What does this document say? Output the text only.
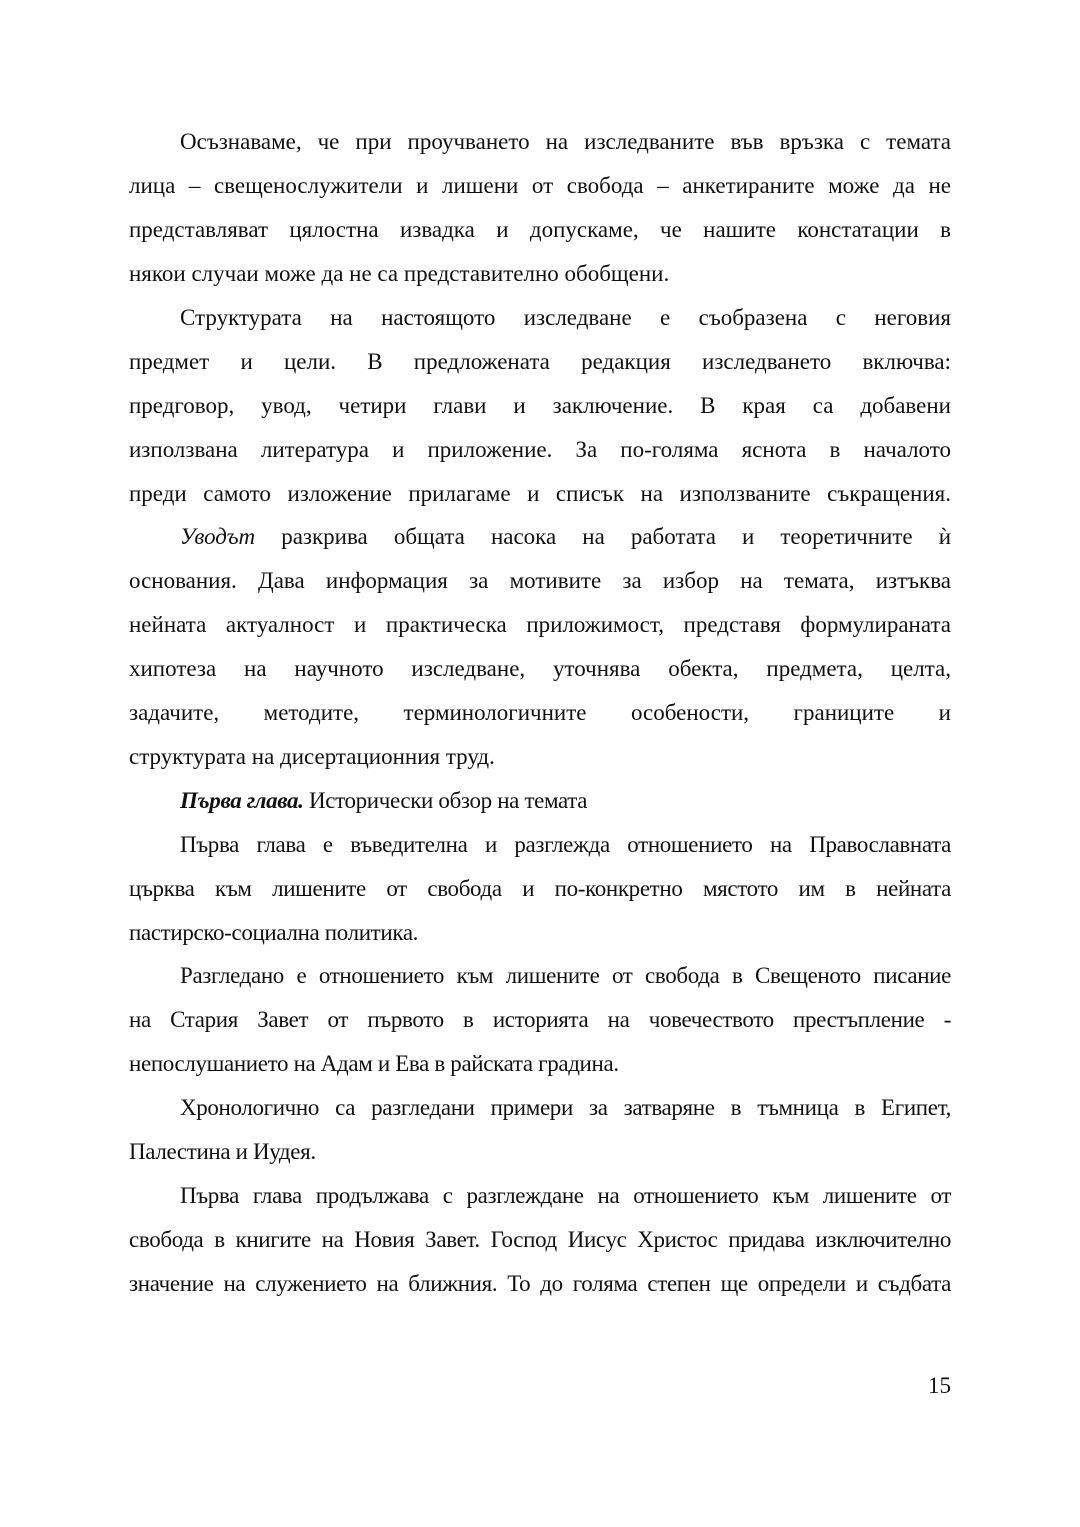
Осъзнаваме, че при проучването на изследваните във връзка с темата
лица – свещенослужители и лишени от свобода – анкетираните може да не
представляват цялостна извадка и допускаме, че нашите констатации в
някои случаи може да не са представително обобщени.
Структурата на настоящото изследване е съобразена с неговия
предмет и цели. В предложената редакция изследването включва:
предговор, увод, четири глави и заключение. В края са добавени
използвана литература и приложение. За по-голяма яснота в началото
преди самото изложение прилагаме и списък на използваните съкращения.
Уводът разкрива общата насока на работата и теоретичните ѝ
основания. Дава информация за мотивите за избор на темата, изтъква
нейната актуалност и практическа приложимост, представя формулираната
хипотеза на научното изследване, уточнява обекта, предмета, целта,
задачите, методите, терминологичните особености, границите и
структурата на дисертационния труд.
Първа глава. Исторически обзор на темата
Първа глава е въведителна и разглежда отношението на Православната
църква към лишените от свобода и по-конкретно мястото им в нейната
пастирско-социална политика.
Разгледано е отношението към лишените от свобода в Свещеното писание
на Стария Завет от първото в историята на човечеството престъпление -
непослушанието на Адам и Ева в райската градина.
Хронологично са разгледани примери за затваряне в тъмница в Египет,
Палестина и Иудея.
Първа глава продължава с разглеждане на отношението към лишените от
свобода в книгите на Новия Завет. Господ Иисус Христос придава изключително
значение на служението на ближния. То до голяма степен ще определи и съдбата
15
